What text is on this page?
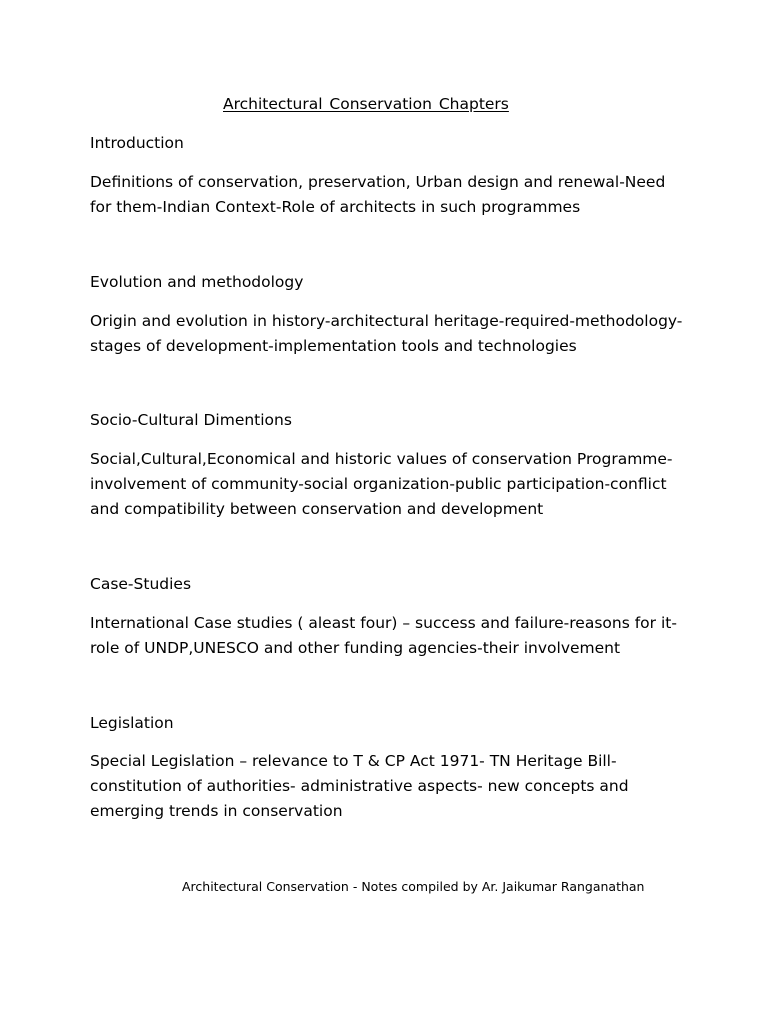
Architectural Conservation Chapters
Introduction
Definitions of conservation, preservation, Urban design and renewal-Need for them-Indian Context-Role of architects in such programmes
Evolution and methodology
Origin and evolution in history-architectural heritage-required-methodology-stages of development-implementation tools and technologies
Socio-Cultural Dimentions
Social,Cultural,Economical and historic values of conservation Programme-involvement of community-social organization-public participation-conflict and compatibility between conservation and development
Case-Studies
International Case studies ( aleast four) – success and failure-reasons for it-role of UNDP,UNESCO and other funding agencies-their involvement
Legislation
Special Legislation – relevance to T & CP Act 1971- TN Heritage Bill-constitution of authorities- administrative aspects- new concepts and emerging trends in conservation
Architectural Conservation - Notes compiled by Ar. Jaikumar Ranganathan
